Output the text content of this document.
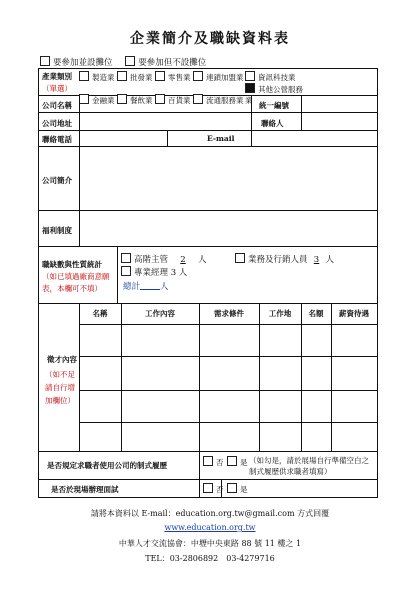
企業簡介及職缺資料表
要參加並設攤位	要參加但不設攤位
產業類別
（單選）
製造業 批發業 零售業 連鎖加盟業 資訊科技業
金融業 餐飲業 百貨業 流通服務業其他公營服務業
公司名稱	統一編號
公司地址	聯絡人
聯絡電話	E-mail
公司簡介
福利制度
職缺數與性質統計
（如已填過廠商意願表，本欄可不填）
高階主管 2 人	業務及行銷人員 3 人
專業經理 3 人
總計 人
徵才內容
（如不足請自行增加欄位）
名稱	工作內容	需求條件	工作地	名額	薪資待遇
是否規定求職者使用公司的制式履歷	否	是 （如勾是，請於展場自行準備空白之制式履歷供求職者填寫）
是否於現場辦理面試	否	是
請將本資料以 E-mail：education.org.tw@gmail.com 方式回覆
www.education.org.tw
中華人才交流協會：中壢中央東路 88 號 11 樓之 1
TEL：03-2806892　03-4279716
